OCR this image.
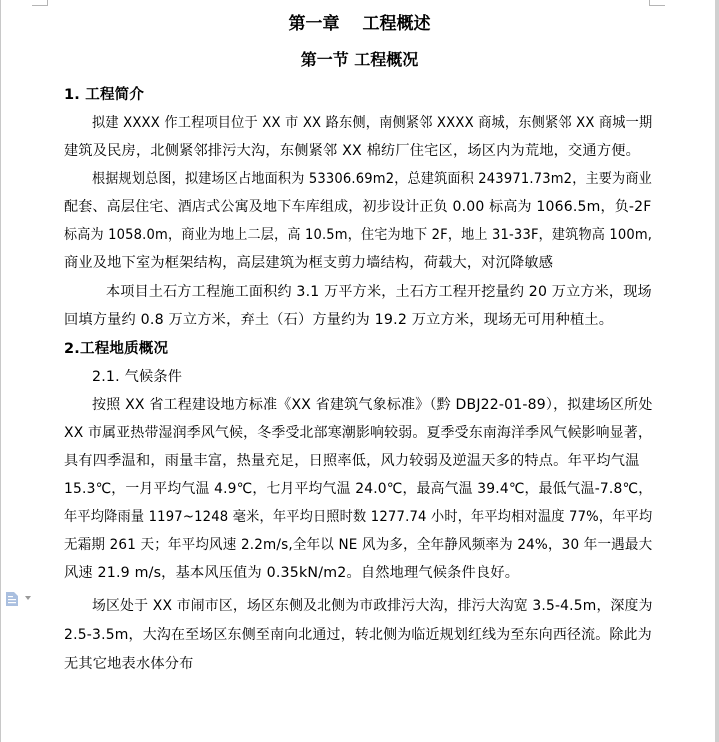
第一章　 工程概述
第一节 工程概况
1. 工程简介
拟建 XXXX 作工程项目位于 XX 市 XX 路东侧，南侧紧邻 XXXX 商城，东侧紧邻 XX 商城一期
建筑及民房，北侧紧邻排污大沟，东侧紧邻 XX 棉纺厂住宅区，场区内为荒地，交通方便。
根据规划总图，拟建场区占地面积为 53306.69m2，总建筑面积 243971.73m2，主要为商业
配套、高层住宅、酒店式公寓及地下车库组成，初步设计正负 0.00 标高为 1066.5m，负-2F
标高为 1058.0m，商业为地上二层，高 10.5m，住宅为地下 2F，地上 31-33F，建筑物高 100m,
商业及地下室为框架结构，高层建筑为框支剪力墙结构，荷载大，对沉降敏感
本项目土石方工程施工面积约 3.1 万平方米，土石方工程开挖量约 20 万立方米，现场
回填方量约 0.8 万立方米，弃土（石）方量约为 19.2 万立方米，现场无可用种植土。
2.工程地质概况
2.1. 气候条件
按照 XX 省工程建设地方标准《XX 省建筑气象标准》（黔 DBJ22-01-89），拟建场区所处
XX 市属亚热带湿润季风气候，冬季受北部寒潮影响较弱。夏季受东南海洋季风气候影响显著，
具有四季温和，雨量丰富，热量充足，日照率低，风力较弱及逆温天多的特点。年平均气温
15.3℃，一月平均气温 4.9℃，七月平均气温 24.0℃，最高气温 39.4℃，最低气温-7.8℃，
年平均降雨量 1197~1248 毫米，年平均日照时数 1277.74 小时，年平均相对温度 77%，年平均
无霜期 261 天；年平均风速 2.2m/s,全年以 NE 风为多，全年静风频率为 24%，30 年一遇最大
风速 21.9 m/s，基本风压值为 0.35kN/m2。自然地理气候条件良好。
场区处于 XX 市闹市区，场区东侧及北侧为市政排污大沟，排污大沟宽 3.5-4.5m，深度为
2.5-3.5m，大沟在至场区东侧至南向北通过，转北侧为临近规划红线为至东向西径流。除此为
无其它地表水体分布
